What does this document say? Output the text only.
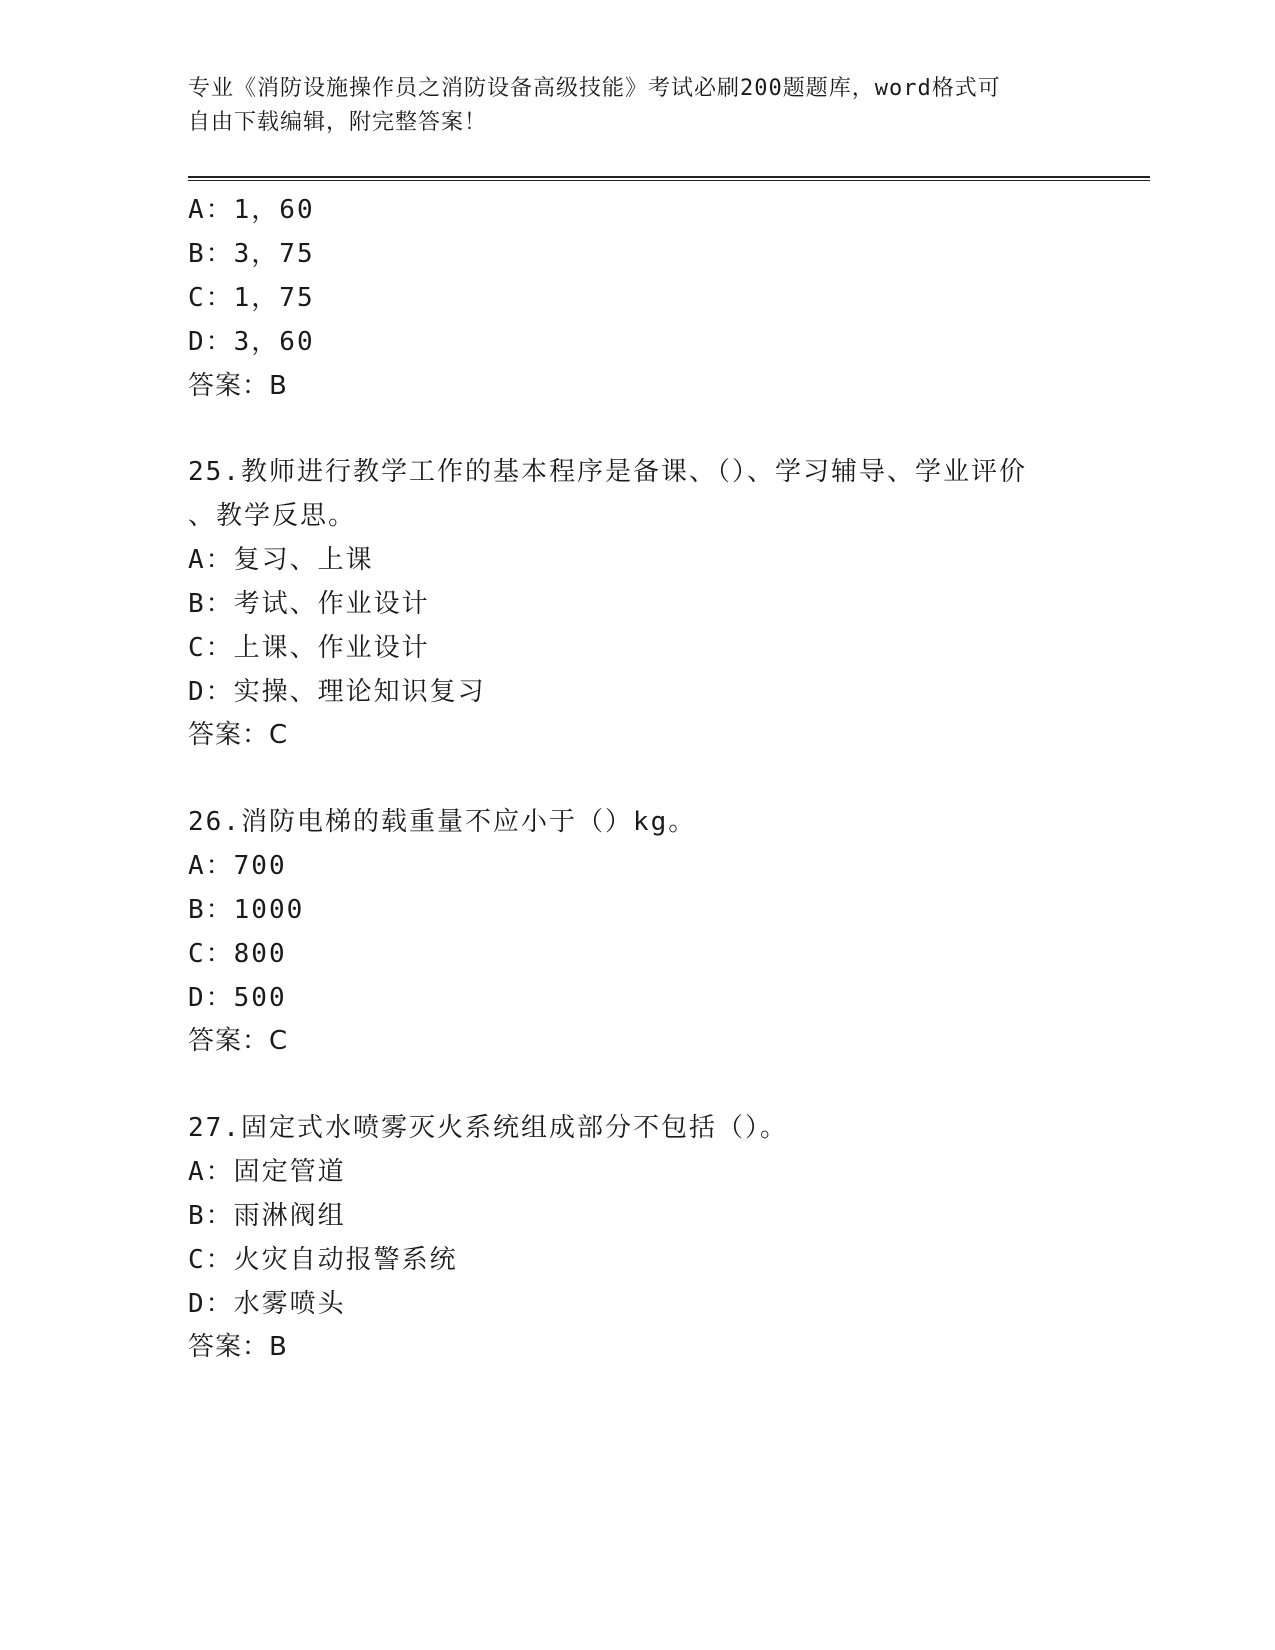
专业《消防设施操作员之消防设备高级技能》考试必刷200题题库，word格式可
自由下载编辑，附完整答案！
A：1，60
B：3，75
C：1，75
D：3，60
答案：B
25.教师进行教学工作的基本程序是备课、（）、学习辅导、学业评价
、教学反思。
A：复习、上课
B：考试、作业设计
C：上课、作业设计
D：实操、理论知识复习
答案：C
26.消防电梯的载重量不应小于（）kg。
A：700
B：1000
C：800
D：500
答案：C
27.固定式水喷雾灭火系统组成部分不包括（）。
A：固定管道
B：雨淋阀组
C：火灾自动报警系统
D：水雾喷头
答案：B
